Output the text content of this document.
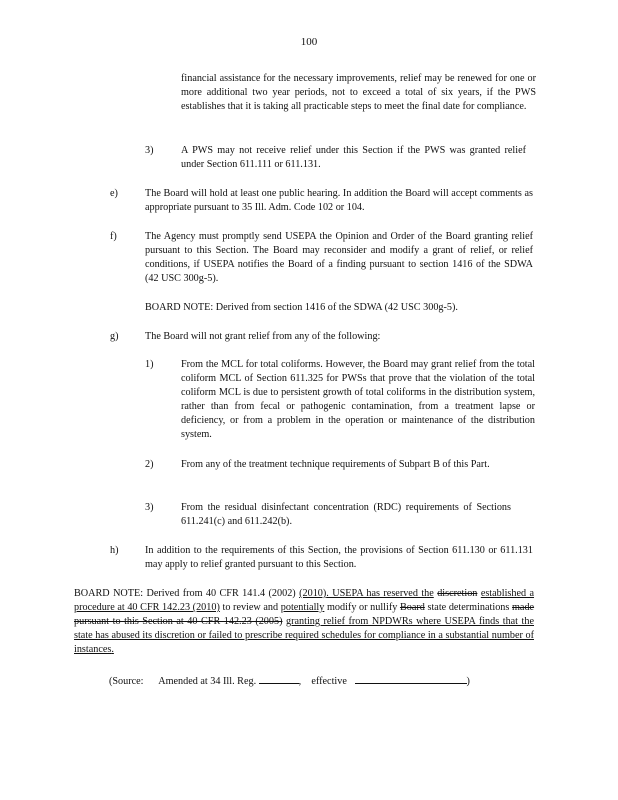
100
financial assistance for the necessary improvements, relief may be renewed for one or more additional two year periods, not to exceed a total of six years, if the PWS establishes that it is taking all practicable steps to meet the final date for compliance.
3)	A PWS may not receive relief under this Section if the PWS was granted relief under Section 611.111 or 611.131.
e)	The Board will hold at least one public hearing. In addition the Board will accept comments as appropriate pursuant to 35 Ill. Adm. Code 102 or 104.
f)	The Agency must promptly send USEPA the Opinion and Order of the Board granting relief pursuant to this Section. The Board may reconsider and modify a grant of relief, or relief conditions, if USEPA notifies the Board of a finding pursuant to section 1416 of the SDWA (42 USC 300g-5).
BOARD NOTE: Derived from section 1416 of the SDWA (42 USC 300g-5).
g)	The Board will not grant relief from any of the following:
1)	From the MCL for total coliforms. However, the Board may grant relief from the total coliform MCL of Section 611.325 for PWSs that prove that the violation of the total coliform MCL is due to persistent growth of total coliforms in the distribution system, rather than from fecal or pathogenic contamination, from a treatment lapse or deficiency, or from a problem in the operation or maintenance of the distribution system.
2)	From any of the treatment technique requirements of Subpart B of this Part.
3)	From the residual disinfectant concentration (RDC) requirements of Sections 611.241(c) and 611.242(b).
h)	In addition to the requirements of this Section, the provisions of Section 611.130 or 611.131 may apply to relief granted pursuant to this Section.
BOARD NOTE: Derived from 40 CFR 141.4 (2002) (2010). USEPA has reserved the discretion established a procedure at 40 CFR 142.23 (2010) to review and potentially modify or nullify Board state determinations made pursuant to this Section at 40 CFR 142.23 (2005) granting relief from NPDWRs where USEPA finds that the state has abused its discretion or failed to prescribe required schedules for compliance in a substantial number of instances.
(Source: Amended at 34 Ill. Reg.	,    effective	)
